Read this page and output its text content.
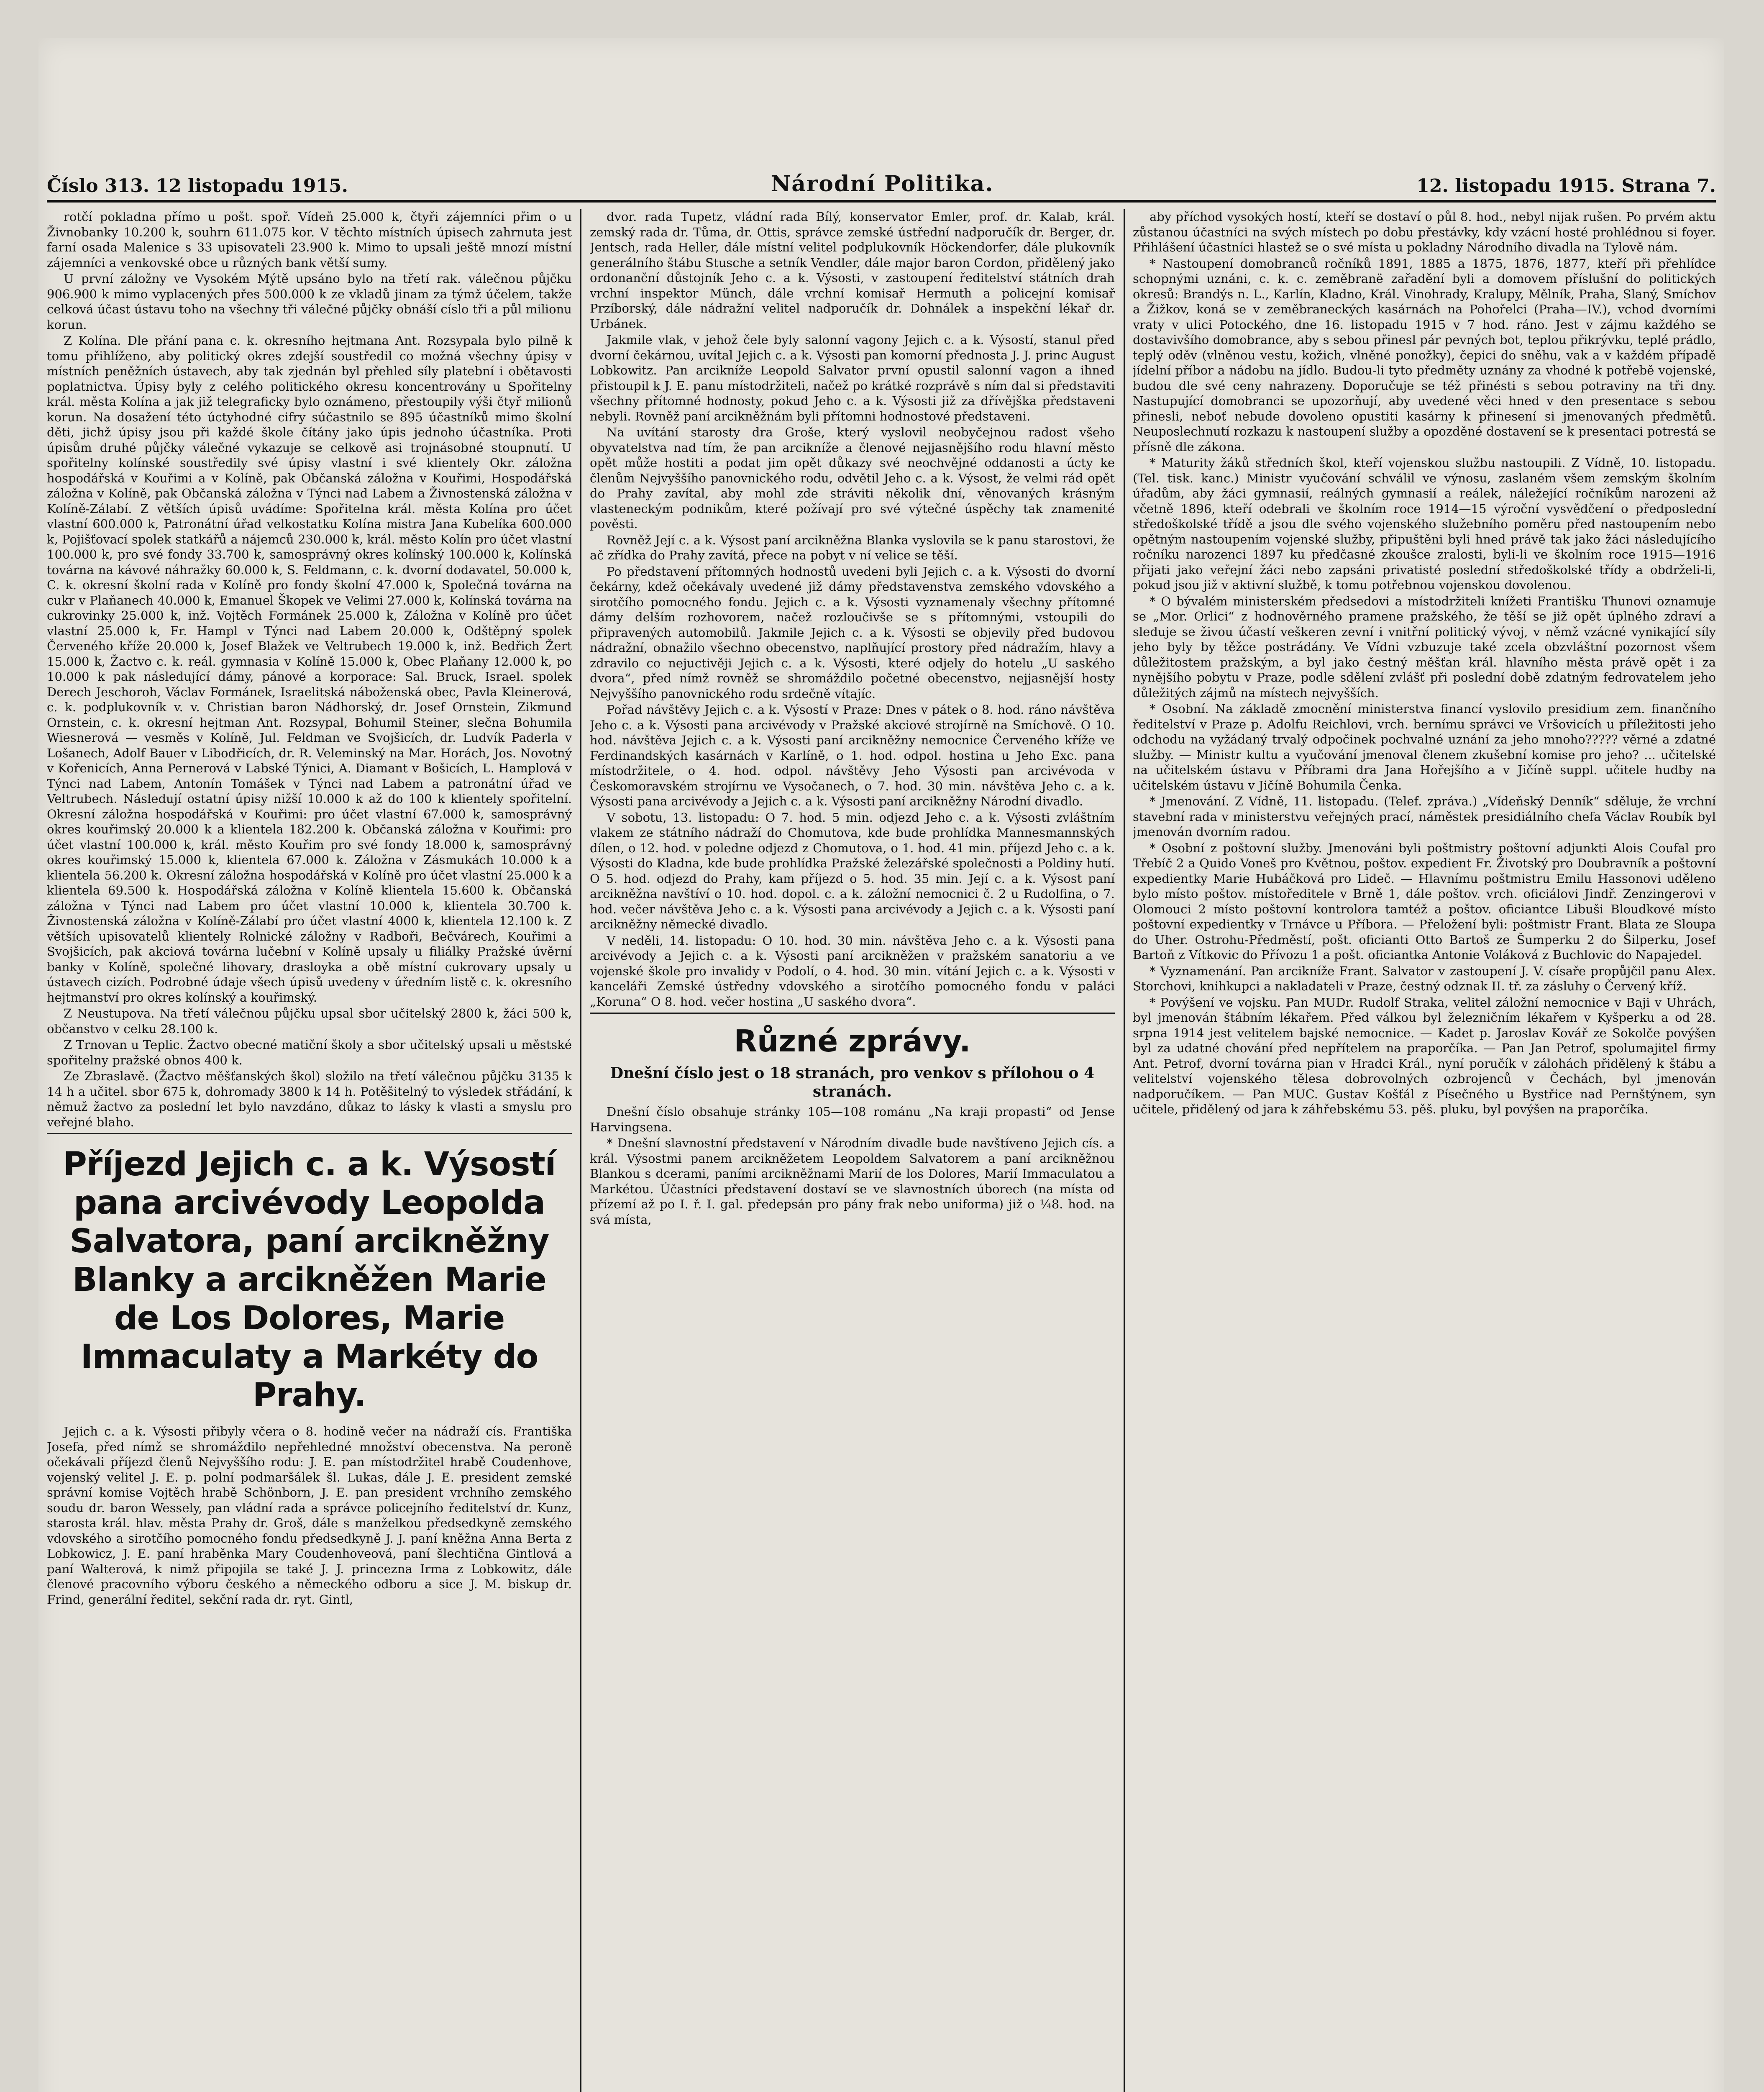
Číslo 313. 12 listopadu 1915.	Národní Politika.	12. listopadu 1915. Strana 7.

rotčí pokladna přímo u pošt. spoř. Vídeň 25.000 k, čtyři zájemníci přim o u Živnobanky 10.200 k, souhrn 611.075 kor. V těchto místních úpisech zahrnuta jest farní osada Malenice s 33 upisovateli 23.900 k. Mimo to upsali ještě mnozí místní zájemníci a venkovské obce u různých bank větší sumy.

U první záložny ve Vysokém Mýtě upsáno bylo na třetí rak. válečnou půjčku 906.900 k mimo vyplacených přes 500.000 k ze vkladů jinam za týmž účelem, takže celková účast ústavu toho na všechny tři válečné půjčky obnáší císlo tři a půl milionu korun.

Z Kolína. Dle přání pana c. k. okresního hejtmana Ant. Rozsypala bylo pilně k tomu přihlíženo, aby politický okres zdejší soustředil co možná všechny úpisy v místních peněžních ústavech, aby tak zjednán byl přehled síly platební i obětavosti poplatnictva. Úpisy byly z celého politického okresu koncentrovány u Spořitelny král. města Kolína a jak již telegraficky bylo oznámeno, přestoupily výši čtyř milionů korun. Na dosažení této úctyhodné cifry súčastnilo se 895 účastníků mimo školní děti, jichž úpisy jsou při každé škole čítány jako úpis jednoho účastníka. Proti úpisům druhé půjčky válečné vykazuje se celkově asi trojnásobné stoupnutí. U spořitelny kolínské soustředily své úpisy vlastní i své klientely Okr. záložna hospodářská v Kouřimi a v Kolíně, pak Občanská záložna v Kouřimi, Hospodářská záložna v Kolíně, pak Občanská záložna v Týnci nad Labem a Živnostenská záložna v Kolíně-Zálabí. Z větších úpisů uvádíme: Spořitelna král. města Kolína pro účet vlastní 600.000 k, Patronátní úřad velkostatku Kolína mistra Jana Kubelíka 600.000 k, Pojišťovací spolek statkářů a nájemců 230.000 k, král. město Kolín pro účet vlastní 100.000 k, pro své fondy 33.700 k, samosprávný okres kolínský 100.000 k, Kolínská továrna na kávové náhražky 60.000 k, S. Feldmann, c. k. dvorní dodavatel, 50.000 k, C. k. okresní školní rada v Kolíně pro fondy školní 47.000 k, Společná továrna na cukr v Plaňanech 40.000 k, Emanuel Škopek ve Velimi 27.000 k, Kolínská továrna na cukrovinky 25.000 k, inž. Vojtěch Formánek 25.000 k, Záložna v Kolíně pro účet vlastní 25.000 k, Fr. Hampl v Týnci nad Labem 20.000 k, Odštěpný spolek Červeného kříže 20.000 k, Josef Blažek ve Veltrubech 19.000 k, inž. Bedřich Žert 15.000 k, Žactvo c. k. reál. gymnasia v Kolíně 15.000 k, Obec Plaňany 12.000 k, po 10.000 k pak následující dámy, pánové a korporace: Sal. Bruck, Israel. spolek Derech Jeschoroh, Václav Formánek, Israelitská náboženská obec, Pavla Kleinerová, c. k. podplukovník v. v. Christian baron Nádhorský, dr. Josef Ornstein, Zikmund Ornstein, c. k. okresní hejtman Ant. Rozsypal, Bohumil Steiner, slečna Bohumila Wiesnerová — vesměs v Kolíně, Jul. Feldman ve Svojšicích, dr. Ludvík Paderla v Lošanech, Adolf Bauer v Libodřicích, dr. R. Veleminský na Mar. Horách, Jos. Novotný v Kořenicích, Anna Pernerová v Labské Týnici, A. Diamant v Bošicích, L. Hamplová v Týnci nad Labem, Antonín Tomášek v Týnci nad Labem a patronátní úřad ve Veltrubech. Následují ostatní úpisy nižší 10.000 k až do 100 k klientely spořitelní. Okresní záložna hospodářská v Kouřimi: pro účet vlastní 67.000 k, samosprávný okres kouřimský 20.000 k a klientela 182.200 k. Občanská záložna v Kouřimi: pro účet vlastní 100.000 k, král. město Kouřim pro své fondy 18.000 k, samosprávný okres kouřimský 15.000 k, klientela 67.000 k. Záložna v Zásmukách 10.000 k a klientela 56.200 k. Okresní záložna hospodářská v Kolíně pro účet vlastní 25.000 k a klientela 69.500 k. Hospodářská záložna v Kolíně klientela 15.600 k. Občanská záložna v Týnci nad Labem pro účet vlastní 10.000 k, klientela 30.700 k. Živnostenská záložna v Kolíně-Zálabí pro účet vlastní 4000 k, klientela 12.100 k. Z větších upisovatelů klientely Rolnické záložny v Radboři, Bečvárech, Kouřimi a Svojšicích, pak akciová továrna lučební v Kolíně upsaly u filiálky Pražské úvěrní banky v Kolíně, společné lihovary, drasloyka a obě místní cukrovary upsaly u ústavech cizích. Podrobné údaje všech úpisů uvedeny v úředním listě c. k. okresního hejtmanství pro okres kolínský a kouřimský.

Z Neustupova. Na třetí válečnou půjčku upsal sbor učitelský 2800 k, žáci 500 k, občanstvo v celku 28.100 k.

Z Trnovan u Teplic. Žactvo obecné matiční školy a sbor učitelský upsali u městské spořitelny pražské obnos 400 k.

Ze Zbraslavě. (Žactvo měšťanských škol) složilo na třetí válečnou půjčku 3135 k 14 h a učitel. sbor 675 k, dohromady 3800 k 14 h. Potěšitelný to výsledek střádání, k němuž žactvo za poslední let bylo navzdáno, důkaz to lásky k vlasti a smyslu pro veřejné blaho.

Příjezd Jejich c. a k. Výsostí pana arcivévody Leopolda Salvatora, paní arcikněžny Blanky a arcikněžen Marie de Los Dolores, Marie Immaculaty a Markéty do Prahy.

Jejich c. a k. Výsosti přibyly včera o 8. hodině večer na nádraží cís. Františka Josefa, před nímž se shromáždilo nepřehledné množství obecenstva. Na peroně očekávali příjezd členů Nejvyššího rodu: J. E. pan místodržitel hrabě Coudenhove, vojenský velitel J. E. p. polní podmaršálek šl. Lukas, dále J. E. president zemské správní komise Vojtěch hrabě Schönborn, J. E. pan president vrchního zemského soudu dr. baron Wessely, pan vládní rada a správce policejního ředitelství dr. Kunz, starosta král. hlav. města Prahy dr. Groš, dále s manželkou předsedkyně zemského vdovského a sirotčího pomocného fondu předsedkyně J. J. paní kněžna Anna Berta z Lobkowicz, J. E. paní hraběnka Mary Coudenhoveová, paní šlechtična Gintlová a paní Walterová, k nimž připojila se také J. J. princezna Irma z Lobkowitz, dále členové pracovního výboru českého a německého odboru a sice J. M. biskup dr. Frind, generální ředitel, sekční rada dr. ryt. Gintl,

dvor. rada Tupetz, vládní rada Bílý, konservator Emler, prof. dr. Kalab, král. zemský rada dr. Tůma, dr. Ottis, správce zemské ústřední nadporučík dr. Berger, dr. Jentsch, rada Heller, dále místní velitel podplukovník Höckendorfer, dále plukovník generálního štábu Stusche a setník Vendler, dále major baron Cordon, přidělený jako ordonanční důstojník Jeho c. a k. Výsosti, v zastoupení ředitelství státních drah vrchní inspektor Münch, dále vrchní komisař Hermuth a policejní komisař Przíborský, dále nádražní velitel nadporučík dr. Dohnálek a inspekční lékař dr. Urbánek.

Jakmile vlak, v jehož čele byly salonní vagony Jejich c. a k. Výsostí, stanul před dvorní čekárnou, uvítal Jejich c. a k. Výsosti pan komorní přednosta J. J. princ August Lobkowitz. Pan arcikníže Leopold Salvator první opustil salonní vagon a ihned přistoupil k J. E. panu místodržiteli, načež po krátké rozprávě s ním dal si představiti všechny přítomné hodnosty, pokud Jeho c. a k. Výsosti již za dřívějška představeni nebyli. Rovněž paní arcikněžnám byli přítomni hodnostové představeni.

Na uvítání starosty dra Groše, který vyslovil neobyčejnou radost všeho obyvatelstva nad tím, že pan arcikníže a členové nejjasnějšího rodu hlavní město opět může hostiti a podat jim opět důkazy své neochvějné oddanosti a úcty ke členům Nejvyššího panovnického rodu, odvětil Jeho c. a k. Výsost, že velmi rád opět do Prahy zavítal, aby mohl zde stráviti několik dní, věnovaných krásným vlasteneckým podnikům, které požívají pro své výtečné úspěchy tak znamenité pověsti.

Rovněž Její c. a k. Výsost paní arcikněžna Blanka vyslovila se k panu starostovi, že ač zřídka do Prahy zavítá, přece na pobyt v ní velice se těší.

Po představení přítomných hodnostů uvedeni byli Jejich c. a k. Výsosti do dvorní čekárny, kdež očekávaly uvedené již dámy představenstva zemského vdovského a sirotčího pomocného fondu. Jejich c. a k. Výsosti vyznamenaly všechny přítomné dámy delším rozhovorem, načež rozloučivše se s přítomnými, vstoupili do připravených automobilů. Jakmile Jejich c. a k. Výsosti se objevily před budovou nádražní, obnažilo všechno obecenstvo, naplňující prostory před nádražím, hlavy a zdravilo co nejuctivěji Jejich c. a k. Výsosti, které odjely do hotelu „U saského dvora“, před nímž rovněž se shromáždilo početné obecenstvo, nejjasnější hosty Nejvyššího panovnického rodu srdečně vítajíc.

Pořad návštěvy Jejich c. a k. Výsostí v Praze: Dnes v pátek o 8. hod. ráno návštěva Jeho c. a k. Výsosti pana arcivévody v Pražské akciové strojírně na Smíchově. O 10. hod. návštěva Jejich c. a k. Výsosti paní arcikněžny nemocnice Červeného kříže ve Ferdinandských kasárnách v Karlíně, o 1. hod. odpol. hostina u Jeho Exc. pana místodržitele, o 4. hod. odpol. návštěvy Jeho Výsosti pan arcivévoda v Českomoravském strojírnu ve Vysočanech, o 7. hod. 30 min. návštěva Jeho c. a k. Výsosti pana arcivévody a Jejich c. a k. Výsosti paní arcikněžny Národní divadlo.

V sobotu, 13. listopadu: O 7. hod. 5 min. odjezd Jeho c. a k. Výsosti zvláštním vlakem ze státního nádraží do Chomutova, kde bude prohlídka Mannesmannských dílen, o 12. hod. v poledne odjezd z Chomutova, o 1. hod. 41 min. příjezd Jeho c. a k. Výsosti do Kladna, kde bude prohlídka Pražské železářské společnosti a Poldiny hutí. O 5. hod. odjezd do Prahy, kam příjezd o 5. hod. 35 min. Její c. a k. Výsost paní arcikněžna navštíví o 10. hod. dopol. c. a k. záložní nemocnici č. 2 u Rudolfina, o 7. hod. večer návštěva Jeho c. a k. Výsosti pana arcivévody a Jejich c. a k. Výsosti paní arcikněžny německé divadlo.

V neděli, 14. listopadu: O 10. hod. 30 min. návštěva Jeho c. a k. Výsosti pana arcivévody a Jejich c. a k. Výsosti paní arcikněžen v pražském sanatoriu a ve vojenské škole pro invalidy v Podolí, o 4. hod. 30 min. vítání Jejich c. a k. Výsosti v kanceláři Zemské ústředny vdovského a sirotčího pomocného fondu v paláci „Koruna“ O 8. hod. večer hostina „U saského dvora“.

Různé zprávy.
Dnešní číslo jest o 18 stranách, pro venkov s přílohou o 4 stranách.

Dnešní číslo obsahuje stránky 105—108 románu „Na kraji propasti“ od Jense Harvingsena.

* Dnešní slavnostní představení v Národním divadle bude navštíveno Jejich cís. a král. Výsostmi panem arcikněžetem Leopoldem Salvatorem a paní arcikněžnou Blankou s dcerami, paními arcikněžnami Marií de los Dolores, Marií Immaculatou a Markétou. Účastníci představení dostaví se ve slavnostních úborech (na místa od přízemí až po I. ř. I. gal. předepsán pro pány frak nebo uniforma) již o ¼8. hod. na svá místa,

aby příchod vysokých hostí, kteří se dostaví o půl 8. hod., nebyl nijak rušen. Po prvém aktu zůstanou účastníci na svých místech po dobu přestávky, kdy vzácní hosté prohlédnou si foyer. Přihlášení účastníci hlastež se o své místa u pokladny Národního divadla na Tylově nám.

* Nastoupení domobranců ročníků 1891, 1885 a 1875, 1876, 1877, kteří při přehlídce schopnými uznáni, c. k. c. zeměbranë zařadění byli a domovem příslušní do politických okresů: Brandýs n. L., Karlín, Kladno, Král. Vinohrady, Kralupy, Mělník, Praha, Slaný, Smíchov a Žižkov, koná se v zeměbraneckých kasárnách na Pohořelci (Praha—IV.), vchod dvorními vraty v ulici Potockého, dne 16. listopadu 1915 v 7 hod. ráno. Jest v zájmu každého se dostavivšího domobrance, aby s sebou přinesl pár pevných bot, teplou přikrývku, teplé prádlo, teplý oděv (vlněnou vestu, kožich, vlněné ponožky), čepici do sněhu, vak a v každém případě jídelní příbor a nádobu na jídlo. Budou-li tyto předměty uznány za vhodné k potřebě vojenské, budou dle své ceny nahrazeny. Doporučuje se též přinésti s sebou potraviny na tři dny. Nastupující domobranci se upozorňují, aby uvedené věci hned v den presentace s sebou přinesli, neboť nebude dovoleno opustiti kasárny k přinesení si jmenovaných předmětů. Neuposlechnutí rozkazu k nastoupení služby a opozděné dostavení se k presentaci potrestá se přísně dle zákona.

* Maturity žáků středních škol, kteří vojenskou službu nastoupili. Z Vídně, 10. listopadu. (Tel. tisk. kanc.) Ministr vyučování schválil ve výnosu, zaslaném všem zemským školním úřadům, aby žáci gymnasií, reálných gymnasií a reálek, náležející ročníkům narozeni až včetně 1896, kteří odebrali ve školním roce 1914—15 výroční vysvědčení o předposlední středoškolské třídě a jsou dle svého vojenského služebního poměru před nastoupením nebo opětným nastoupením vojenské služby, připuštěni byli hned právě tak jako žáci následujícího ročníku narozenci 1897 ku předčasné zkoušce zralosti, byli-li ve školním roce 1915—1916 přijati jako veřejní žáci nebo zapsáni privatisté poslední středoškolské třídy a obdrželi-li, pokud jsou již v aktivní službě, k tomu potřebnou vojenskou dovolenou.

* O bývalém ministerském předsedovi a místodržiteli knížeti Františku Thunovi oznamuje se „Mor. Orlici“ z hodnověrného pramene pražského, že těší se již opět úplného zdraví a sleduje se živou účastí veškeren zevní i vnitřní politický vývoj, v němž vzácné vynikající síly jeho byly by těžce postrádány. Ve Vídni vzbuzuje také zcela obzvláštní pozornost všem důležitostem pražským, a byl jako čestný měšťan král. hlavního města právě opět i za nynějšího pobytu v Praze, podle sdělení zvlášť při poslední době zdatným fedrovatelem jeho důležitých zájmů na místech nejvyšších.

* Osobní. Na základě zmocnění ministerstva financí vyslovilo presidium zem. finančního ředitelství v Praze p. Adolfu Reichlovi, vrch. bernímu správci ve Vršovicích u příležitosti jeho odchodu na vyžádaný trvalý odpočinek pochvalné uznání za jeho mnoho????? věrné a zdatné služby. — Ministr kultu a vyučování jmenoval členem zkušební komise pro jeho? ... učitelské na učitelském ústavu v Příbrami dra Jana Hořejšího a v Jičíně suppl. učitele hudby na učitelském ústavu v Jičíně Bohumila Čenka.

* Jmenování. Z Vídně, 11. listopadu. (Telef. zpráva.) „Vídeňský Denník“ sděluje, že vrchní stavební rada v ministerstvu veřejných prací, náměstek presidiálního chefa Václav Roubík byl jmenován dvorním radou.

* Osobní z poštovní služby. Jmenováni byli poštmistry poštovní adjunkti Alois Coufal pro Třebíč 2 a Quido Voneš pro Květnou, poštov. expedient Fr. Životský pro Doubravník a poštovní expedientky Marie Hubáčková pro Lideč. — Hlavnímu poštmistru Emilu Hassonovi uděleno bylo místo poštov. místoředitele v Brně 1, dále poštov. vrch. oficiálovi Jindř. Zenzingerovi v Olomouci 2 místo poštovní kontrolora tamtéž a poštov. oficiantce Libuši Bloudkové místo poštovní expedientky v Trnávce u Příbora. — Přeložení byli: poštmistr Frant. Blata ze Sloupa do Uher. Ostrohu-Předměstí, pošt. oficianti Otto Bartoš ze Šumperku 2 do Šilperku, Josef Bartoň z Vítkovic do Přívozu 1 a pošt. oficiantka Antonie Voláková z Buchlovic do Napajedel.

* Vyznamenání. Pan arcikníže Frant. Salvator v zastoupení J. V. císaře propůjčil panu Alex. Storchovi, knihkupci a nakladateli v Praze, čestný odznak II. tř. za zásluhy o Červený kříž.

* Povýšení ve vojsku. Pan MUDr. Rudolf Straka, velitel záložní nemocnice v Baji v Uhrách, byl jmenován štábním lékařem. Před válkou byl železničním lékařem v Kyšperku a od 28. srpna 1914 jest velitelem bajské nemocnice. — Kadet p. Jaroslav Kovář ze Sokolče povýšen byl za udatné chování před nepřítelem na praporčíka. — Pan Jan Petrof, spolumajitel firmy Ant. Petrof, dvorní továrna pian v Hradci Král., nyní poručík v zálohách přidělený k štábu a velitelství vojenského tělesa dobrovolných ozbrojenců v Čechách, byl jmenován nadporučíkem. — Pan MUC. Gustav Košťál z Písečného u Bystřice nad Pernštýnem, syn učitele, přidělený od jara k záhřebskému 53. pěš. pluku, byl povýšen na praporčíka.
